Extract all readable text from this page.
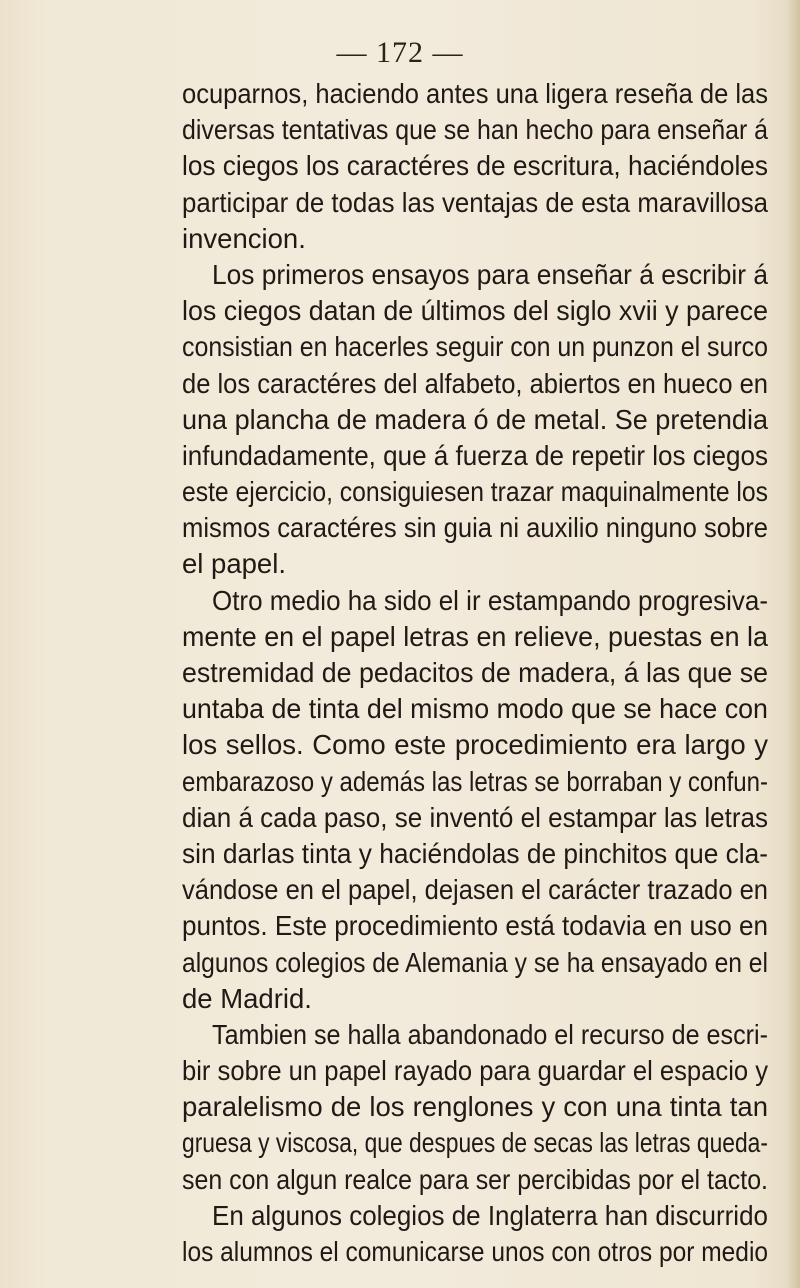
— 172 —
ocuparnos, haciendo antes una ligera reseña de las
diversas tentativas que se han hecho para enseñar á
los ciegos los caractéres de escritura, haciéndoles
participar de todas las ventajas de esta maravillosa
invencion.
Los primeros ensayos para enseñar á escribir á
los ciegos datan de últimos del siglo xvii y parece
consistian en hacerles seguir con un punzon el surco
de los caractéres del alfabeto, abiertos en hueco en
una plancha de madera ó de metal. Se pretendia
infundadamente, que á fuerza de repetir los ciegos
este ejercicio, consiguiesen trazar maquinalmente los
mismos caractéres sin guia ni auxilio ninguno sobre
el papel.
Otro medio ha sido el ir estampando progresiva-
mente en el papel letras en relieve, puestas en la
estremidad de pedacitos de madera, á las que se
untaba de tinta del mismo modo que se hace con
los sellos. Como este procedimiento era largo y
embarazoso y además las letras se borraban y confun-
dian á cada paso, se inventó el estampar las letras
sin darlas tinta y haciéndolas de pinchitos que cla-
vándose en el papel, dejasen el carácter trazado en
puntos. Este procedimiento está todavia en uso en
algunos colegios de Alemania y se ha ensayado en el
de Madrid.
Tambien se halla abandonado el recurso de escri-
bir sobre un papel rayado para guardar el espacio y
paralelismo de los renglones y con una tinta tan
gruesa y viscosa, que despues de secas las letras queda-
sen con algun realce para ser percibidas por el tacto.
En algunos colegios de Inglaterra han discurrido
los alumnos el comunicarse unos con otros por medio
